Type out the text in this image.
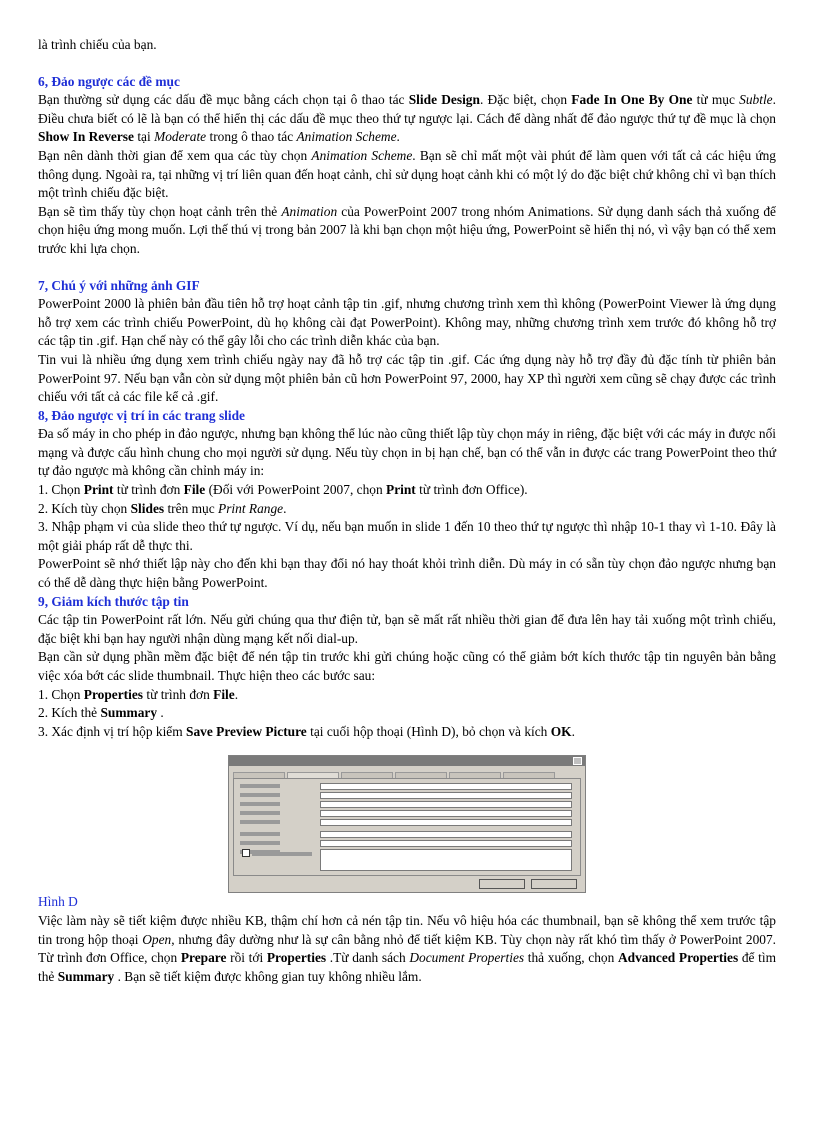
là trình chiếu của bạn.

6, Đảo ngược các đề mục

Bạn thường sử dụng các dấu đề mục bằng cách chọn tại ô thao tác Slide Design. Đặc biệt, chọn Fade In One By One từ mục Subtle. Điều chưa biết có lẽ là bạn có thể hiển thị các dấu đề mục theo thứ tự ngược lại. Cách để dàng nhất để đảo ngược thứ tự đề mục là chọn Show In Reverse tại Moderate trong ô thao tác Animation Scheme.

Bạn nên dành thời gian để xem qua các tùy chọn Animation Scheme. Bạn sẽ chỉ mất một vài phút để làm quen với tất cả các hiệu ứng thông dụng. Ngoài ra, tại những vị trí liên quan đến hoạt cảnh, chỉ sử dụng hoạt cảnh khi có một lý do đặc biệt chứ không chỉ vì bạn thích một trình chiếu đặc biệt.

Bạn sẽ tìm thấy tùy chọn hoạt cảnh trên thẻ Animation của PowerPoint 2007 trong nhóm Animations. Sử dụng danh sách thả xuống để chọn hiệu ứng mong muốn. Lợi thế thú vị trong bản 2007 là khi bạn chọn một hiệu ứng, PowerPoint sẽ hiển thị nó, vì vậy bạn có thể xem trước khi lựa chọn.

7, Chú ý với những ảnh GIF

PowerPoint 2000 là phiên bản đầu tiên hỗ trợ hoạt cảnh tập tin .gif, nhưng chương trình xem thì không (PowerPoint Viewer là ứng dụng hỗ trợ xem các trình chiếu PowerPoint, dù họ không cài đạt PowerPoint). Không may, những chương trình xem trước đó không hỗ trợ các tập tin .gif. Hạn chế này có thể gây lỗi cho các trình diễn khác của bạn.

Tin vui là nhiều ứng dụng xem trình chiếu ngày nay đã hỗ trợ các tập tin .gif. Các ứng dụng này hỗ trợ đầy đủ đặc tính từ phiên bản PowerPoint 97. Nếu bạn vẫn còn sử dụng một phiên bản cũ hơn PowerPoint 97, 2000, hay XP thì người xem cũng sẽ chạy được các trình chiếu với tất cả các file kể cả .gif.

8, Đảo ngược vị trí in các trang slide

Đa số máy in cho phép in đảo ngược, nhưng bạn không thể lúc nào cũng thiết lập tùy chọn máy in riêng, đặc biệt với các máy in được nối mạng và được cấu hình chung cho mọi người sử dụng. Nếu tùy chọn in bị hạn chế, bạn có thể vẫn in được các trang PowerPoint theo thứ tự đảo ngược mà không cần chỉnh máy in:

1. Chọn Print từ trình đơn File (Đối với PowerPoint 2007, chọn Print từ trình đơn Office).

2. Kích tùy chọn Slides trên mục Print Range.

3. Nhập phạm vi của slide theo thứ tự ngược. Ví dụ, nếu bạn muốn in slide 1 đến 10 theo thứ tự ngược thì nhập 10-1 thay vì 1-10. Đây là một giải pháp rất dễ thực thi.

PowerPoint sẽ nhớ thiết lập này cho đến khi bạn thay đổi nó hay thoát khỏi trình diễn. Dù máy in có sẵn tùy chọn đảo ngược nhưng bạn có thể dễ dàng thực hiện bằng PowerPoint.

9, Giảm kích thước tập tin

Các tập tin PowerPoint rất lớn. Nếu gửi chúng qua thư điện tử, bạn sẽ mất rất nhiều thời gian để đưa lên hay tải xuống một trình chiếu, đặc biệt khi bạn hay người nhận dùng mạng kết nối dial-up.

Bạn cần sử dụng phần mềm đặc biệt để nén tập tin trước khi gửi chúng hoặc cũng có thể giảm bớt kích thước tập tin nguyên bản bằng việc xóa bớt các slide thumbnail. Thực hiện theo các bước sau:

1. Chọn Properties từ trình đơn File.

2. Kích thẻ Summary .

3. Xác định vị trí hộp kiểm Save Preview Picture tại cuối hộp thoại (Hình D), bỏ chọn và kích OK.

Hình D

Việc làm này sẽ tiết kiệm được nhiều KB, thậm chí hơn cả nén tập tin. Nếu vô hiệu hóa các thumbnail, bạn sẽ không thể xem trước tập tin trong hộp thoại Open, nhưng đây dường như là sự cân bằng nhỏ để tiết kiệm KB. Tùy chọn này rất khó tìm thấy ở PowerPoint 2007. Từ trình đơn Office, chọn Prepare rồi tới Properties .Từ danh sách Document Properties thả xuống, chọn Advanced Properties để tìm thẻ Summary . Bạn sẽ tiết kiệm được không gian tuy không nhiều lắm.
